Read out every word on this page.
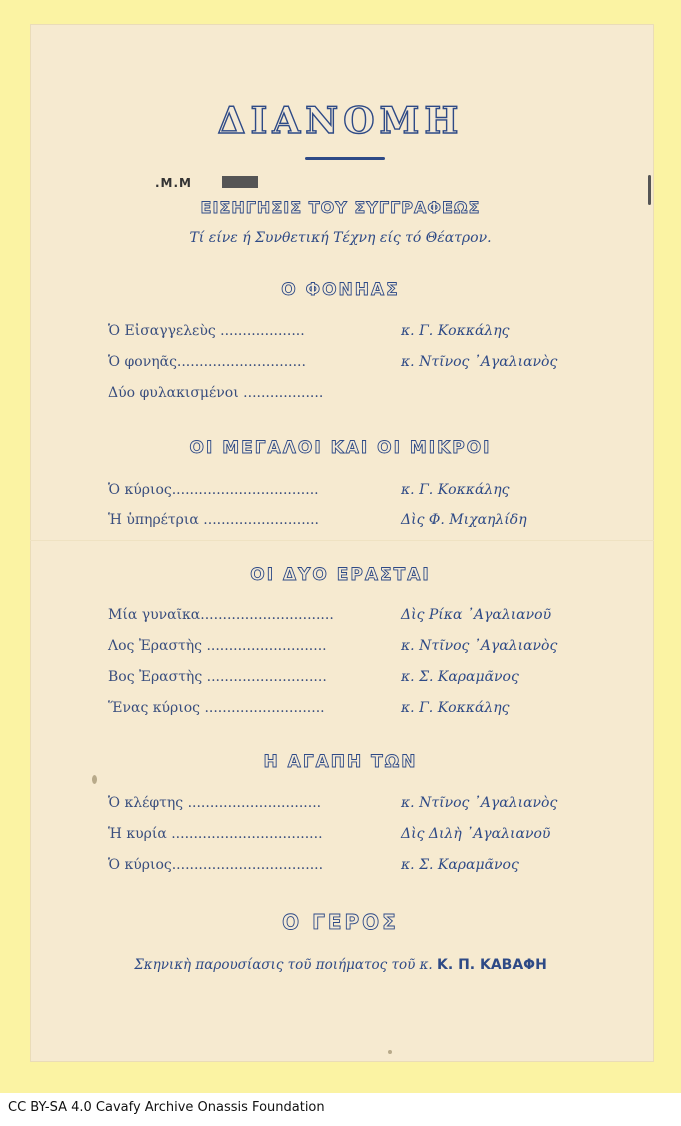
ΔΙΑΝΟΜΗ
.M.M
ΕΙΣΗΓΗΣΙΣ ΤΟΥ ΣΥΓΓΡΑΦΕΩΣ
Τί είνε ή Συνθετική Τέχνη είς τό Θέατρον.
Ο ΦΟΝΗΑΣ
Ὁ Εἰσαγγελεὺς ...................	κ. Γ. Κοκκάλης
Ὁ φονηᾶς.............................	κ. Ντῖνος ᾿Αγαλιανὸς
Δύο φυλακισμένοι ..................
ΟΙ ΜΕΓΑΛΟΙ ΚΑΙ ΟΙ ΜΙΚΡΟΙ
Ὁ κύριος.................................	κ. Γ. Κοκκάλης
Ἡ ὑπηρέτρια ..........................	Δὶς Φ. Μιχαηλίδη
ΟΙ ΔΥΟ ΕΡΑΣΤΑΙ
Μία γυναῖκα..............................	Δὶς Ρίκα ᾿Αγαλιανοῦ
Λος Ἐραστὴς ...........................	κ. Ντῖνος ᾿Αγαλιανὸς
Βος Ἐραστὴς ...........................	κ. Σ. Καραμᾶνος
Ἕνας κύριος ...........................	κ. Γ. Κοκκάλης
Η ΑΓΑΠΗ ΤΩΝ
Ὁ κλέφτης ..............................	κ. Ντῖνος ᾿Αγαλιανὸς
Ἡ κυρία ..................................	Δὶς Διλὴ ᾿Αγαλιανοῦ
Ὁ κύριος..................................	κ. Σ. Καραμᾶνος
Ο ΓΕΡΟΣ
Σκηνικὴ παρουσίασις τοῦ ποιήματος τοῦ κ. Κ. Π. ΚΑΒΑΦΗ
CC BY-SA 4.0 Cavafy Archive Onassis Foundation
